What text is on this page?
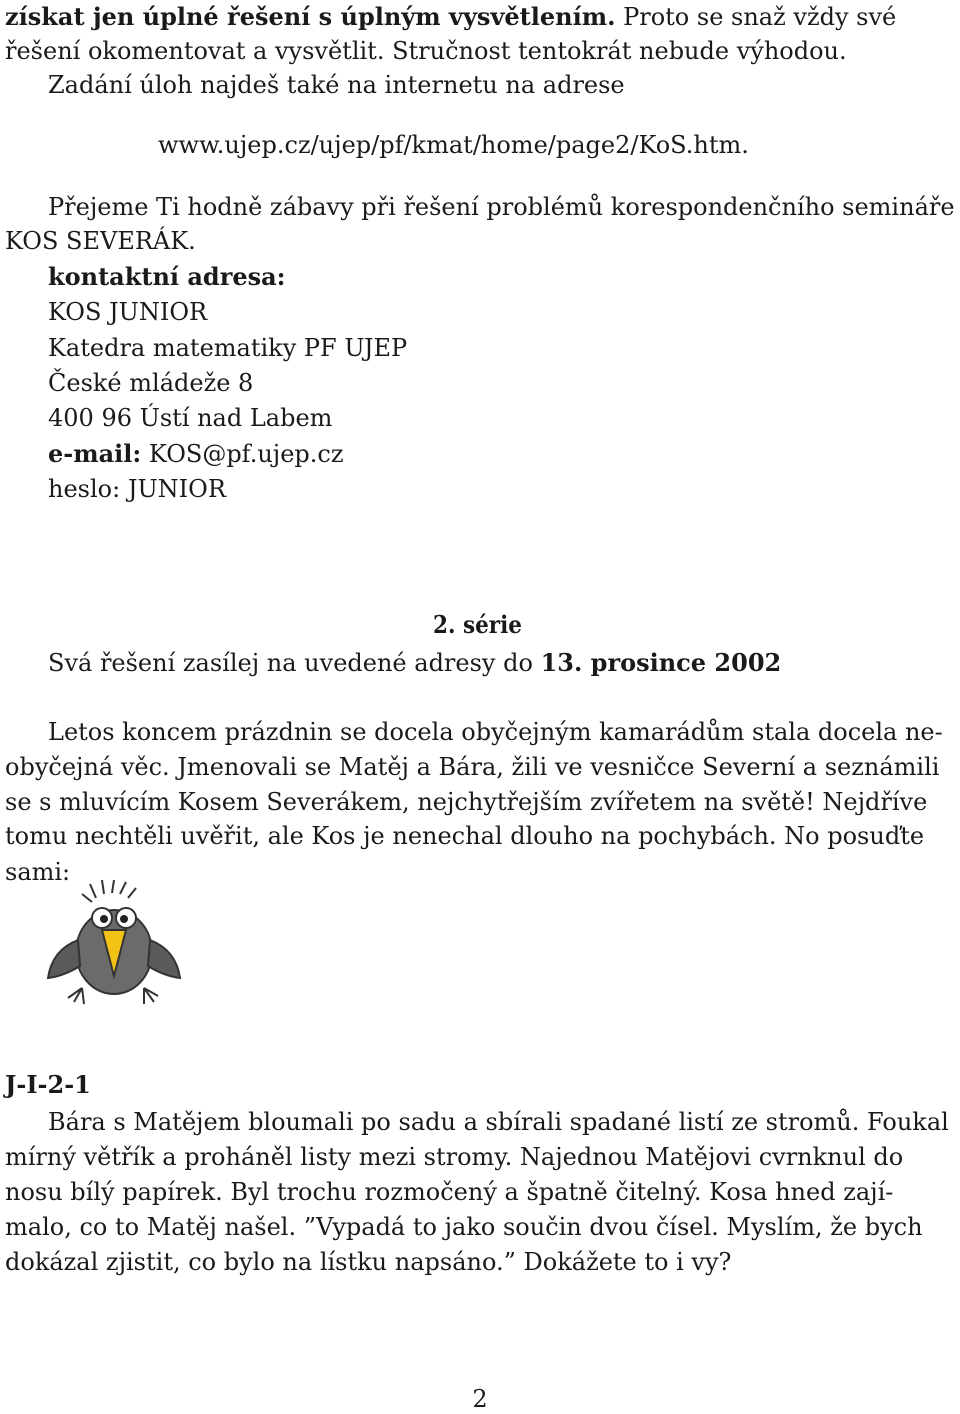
získat jen úplné řešení s úplným vysvětlením. Proto se snaž vždy své
řešení okomentovat a vysvětlit. Stručnost tentokrát nebude výhodou.
Zadání úloh najdeš také na internetu na adrese
www.ujep.cz/ujep/pf/kmat/home/page2/KoS.htm.
Přejeme Ti hodně zábavy při řešení problémů korespondenčního semináře
KOS SEVERÁK.
kontaktní adresa:
KOS JUNIOR
Katedra matematiky PF UJEP
České mládeže 8
400 96 Ústí nad Labem
e-mail: KOS@pf.ujep.cz
heslo: JUNIOR
2. série
Svá řešení zasílej na uvedené adresy do 13. prosince 2002
Letos koncem prázdnin se docela obyčejným kamarádům stala docela ne-
obyčejná věc. Jmenovali se Matěj a Bára, žili ve vesničce Severní a seznámili
se s mluvícím Kosem Severákem, nejchytřejším zvířetem na světě! Nejdříve
tomu nechtěli uvěřit, ale Kos je nenechal dlouho na pochybách. No posuďte
sami:
J-I-2-1
Bára s Matějem bloumali po sadu a sbírali spadané listí ze stromů. Foukal
mírný větřík a proháněl listy mezi stromy. Najednou Matějovi cvrnknul do
nosu bílý papírek. Byl trochu rozmočený a špatně čitelný. Kosa hned zají-
malo, co to Matěj našel. ”Vypadá to jako součin dvou čísel. Myslím, že bych
dokázal zjistit, co bylo na lístku napsáno.” Dokážete to i vy?
2
